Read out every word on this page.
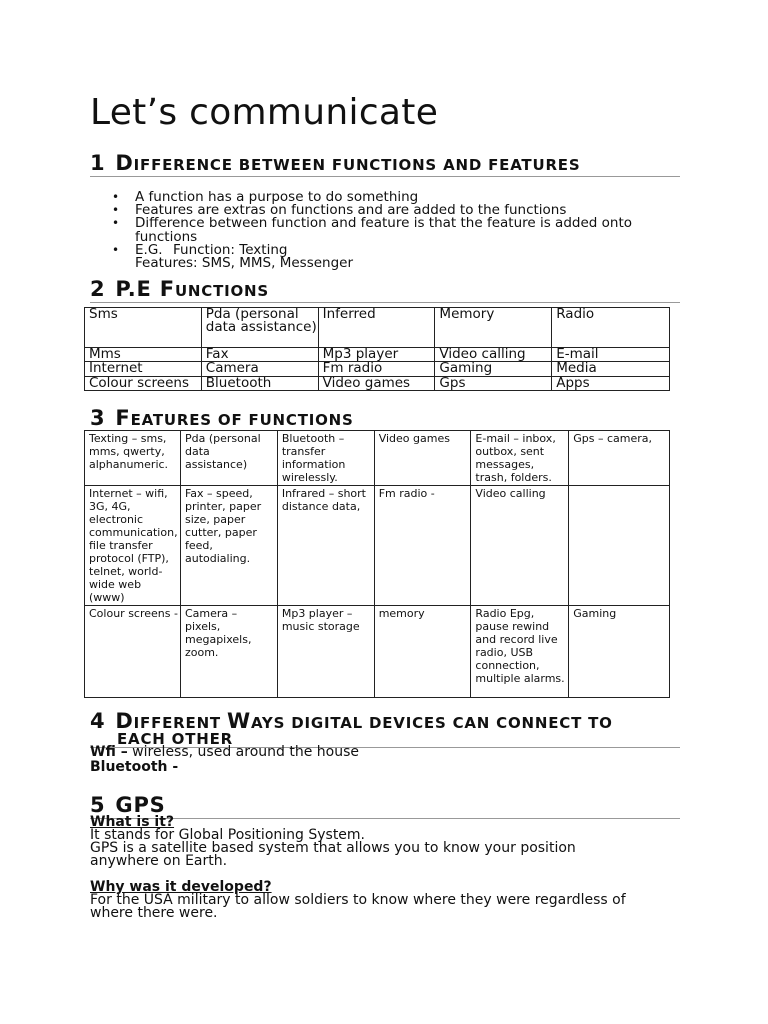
Let’s communicate
1 DIFFERENCE BETWEEN FUNCTIONS AND FEATURES
• A function has a purpose to do something
• Features are extras on functions and are added to the functions
• Difference between function and feature is that the feature is added onto
functions
• E.G. Function: Texting
Features: SMS, MMS, Messenger
2 P.E FUNCTIONS
Sms	Pda (personal data assistance)	Inferred	Memory	Radio
Mms	Fax	Mp3 player	Video calling	E-mail
Internet	Camera	Fm radio	Gaming	Media
Colour screens	Bluetooth	Video games	Gps	Apps
3 FEATURES OF FUNCTIONS
Texting – sms, mms, qwerty, alphanumeric.	Pda (personal data assistance)	Bluetooth – transfer information wirelessly.	Video games	E-mail – inbox, outbox, sent messages, trash, folders.	Gps – camera,
Internet – wifi, 3G, 4G, electronic communication, file transfer protocol (FTP), telnet, world-wide web (www)	Fax – speed, printer, paper size, paper cutter, paper feed, autodialing.	Infrared – short distance data,	Fm radio -	Video calling	
Colour screens -	Camera – pixels, megapixels, zoom.	Mp3 player – music storage	memory	Radio Epg, pause rewind and record live radio, USB connection, multiple alarms.	Gaming
4 DIFFERENT WAYS DIGITAL DEVICES CAN CONNECT TO
EACH OTHER
Wfi – wireless, used around the house
Bluetooth -
5 GPS
What is it?
It stands for Global Positioning System.
GPS is a satellite based system that allows you to know your position
anywhere on Earth.
Why was it developed?
For the USA military to allow soldiers to know where they were regardless of
where there were.
